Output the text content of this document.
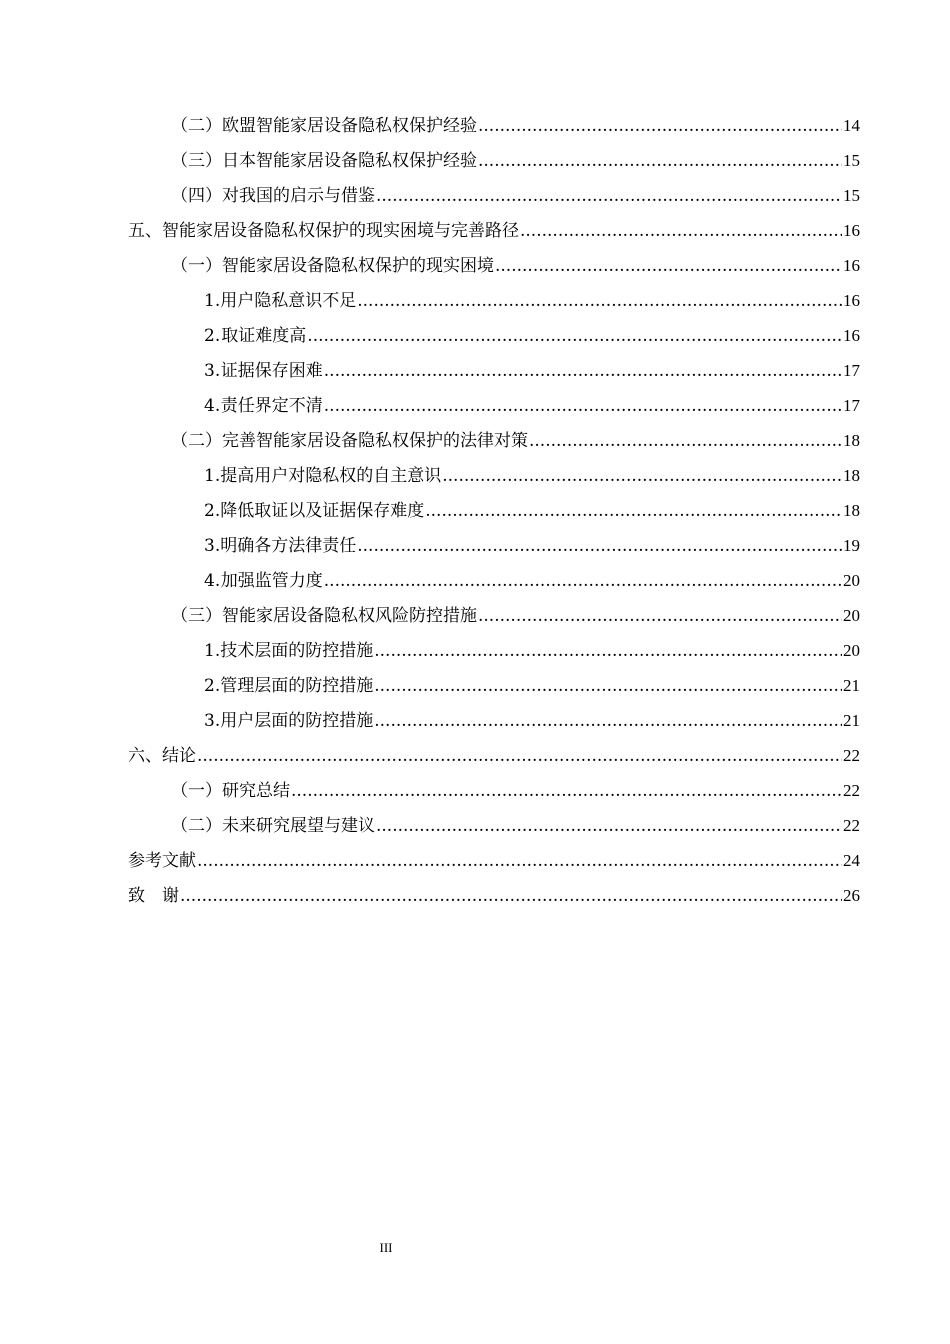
（二） 欧盟智能家居设备隐私权保护经验 .....	14
（三） 日本智能家居设备隐私权保护经验 .....	15
（四） 对我国的启示与借鉴 .....	15
五、 智能家居设备隐私权保护的现实困境与完善路径 .....	16
（一） 智能家居设备隐私权保护的现实困境 .....	16
1. 用户隐私意识不足 .....	16
2. 取证难度高 .....	16
3. 证据保存困难 .....	17
4. 责任界定不清 .....	17
（二） 完善智能家居设备隐私权保护的法律对策 .....	18
1. 提高用户对隐私权的自主意识 .....	18
2. 降低取证以及证据保存难度 .....	18
3. 明确各方法律责任 .....	19
4. 加强监管力度 .....	20
（三） 智能家居设备隐私权风险防控措施 .....	20
1. 技术层面的防控措施 .....	20
2. 管理层面的防控措施 .....	21
3. 用户层面的防控措施 .....	21
六、 结论 .....	22
（一） 研究总结 .....	22
（二） 未来研究展望与建议 .....	22
参考文献 .....	24
致　谢 .....	26
III
